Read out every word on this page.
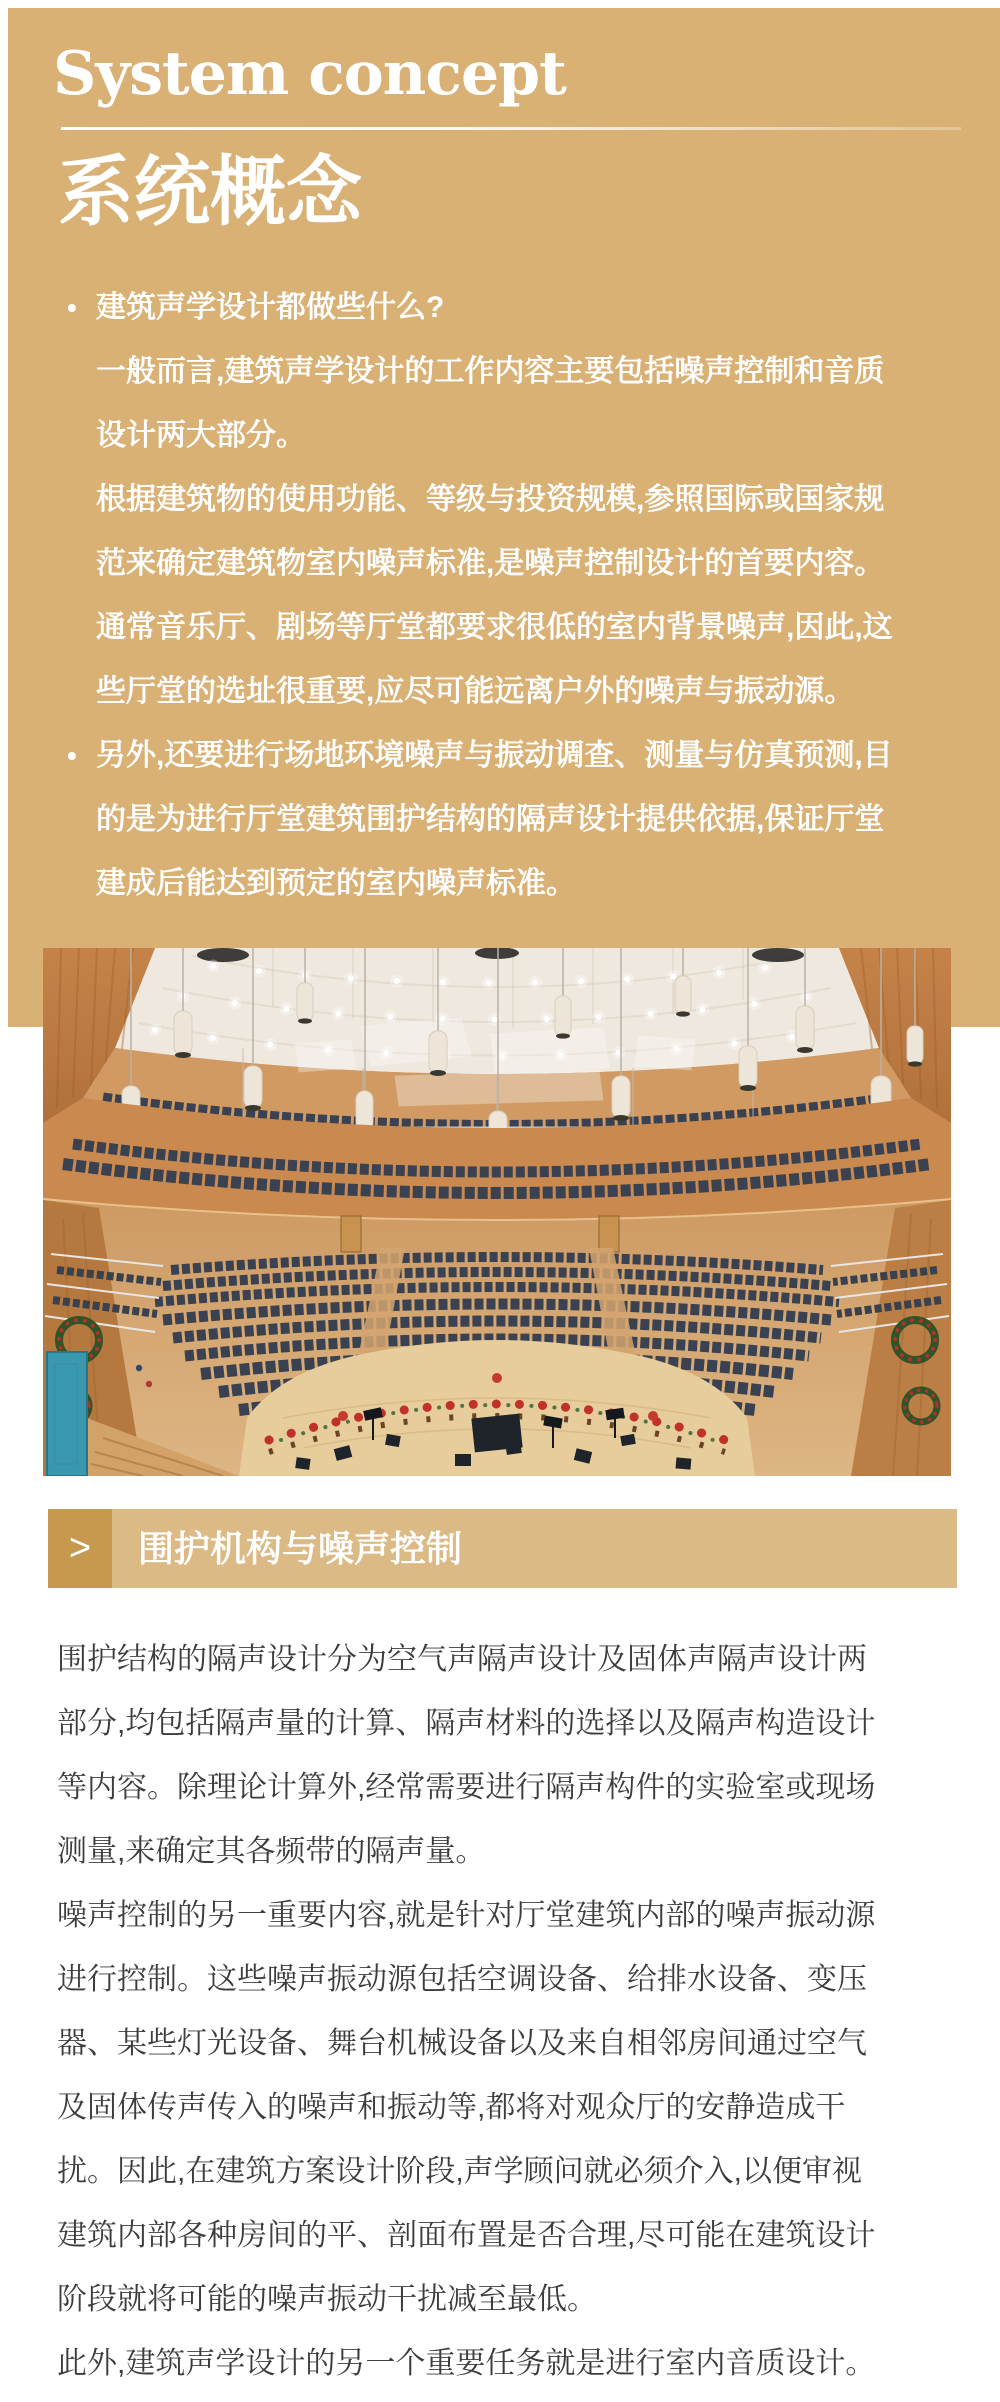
System concept
系统概念
• 建筑声学设计都做些什么?
一般而言,建筑声学设计的工作内容主要包括噪声控制和音质
设计两大部分。
根据建筑物的使用功能、等级与投资规模,参照国际或国家规
范来确定建筑物室内噪声标准,是噪声控制设计的首要内容。
通常音乐厅、剧场等厅堂都要求很低的室内背景噪声,因此,这
些厅堂的选址很重要,应尽可能远离户外的噪声与振动源。
• 另外,还要进行场地环境噪声与振动调查、测量与仿真预测,目
的是为进行厅堂建筑围护结构的隔声设计提供依据,保证厅堂
建成后能达到预定的室内噪声标准。
>	围护机构与噪声控制
围护结构的隔声设计分为空气声隔声设计及固体声隔声设计两
部分,均包括隔声量的计算、隔声材料的选择以及隔声构造设计
等内容。除理论计算外,经常需要进行隔声构件的实验室或现场
测量,来确定其各频带的隔声量。
噪声控制的另一重要内容,就是针对厅堂建筑内部的噪声振动源
进行控制。这些噪声振动源包括空调设备、给排水设备、变压
器、某些灯光设备、舞台机械设备以及来自相邻房间通过空气
及固体传声传入的噪声和振动等,都将对观众厅的安静造成干
扰。因此,在建筑方案设计阶段,声学顾问就必须介入,以便审视
建筑内部各种房间的平、剖面布置是否合理,尽可能在建筑设计
阶段就将可能的噪声振动干扰减至最低。
此外,建筑声学设计的另一个重要任务就是进行室内音质设计。
